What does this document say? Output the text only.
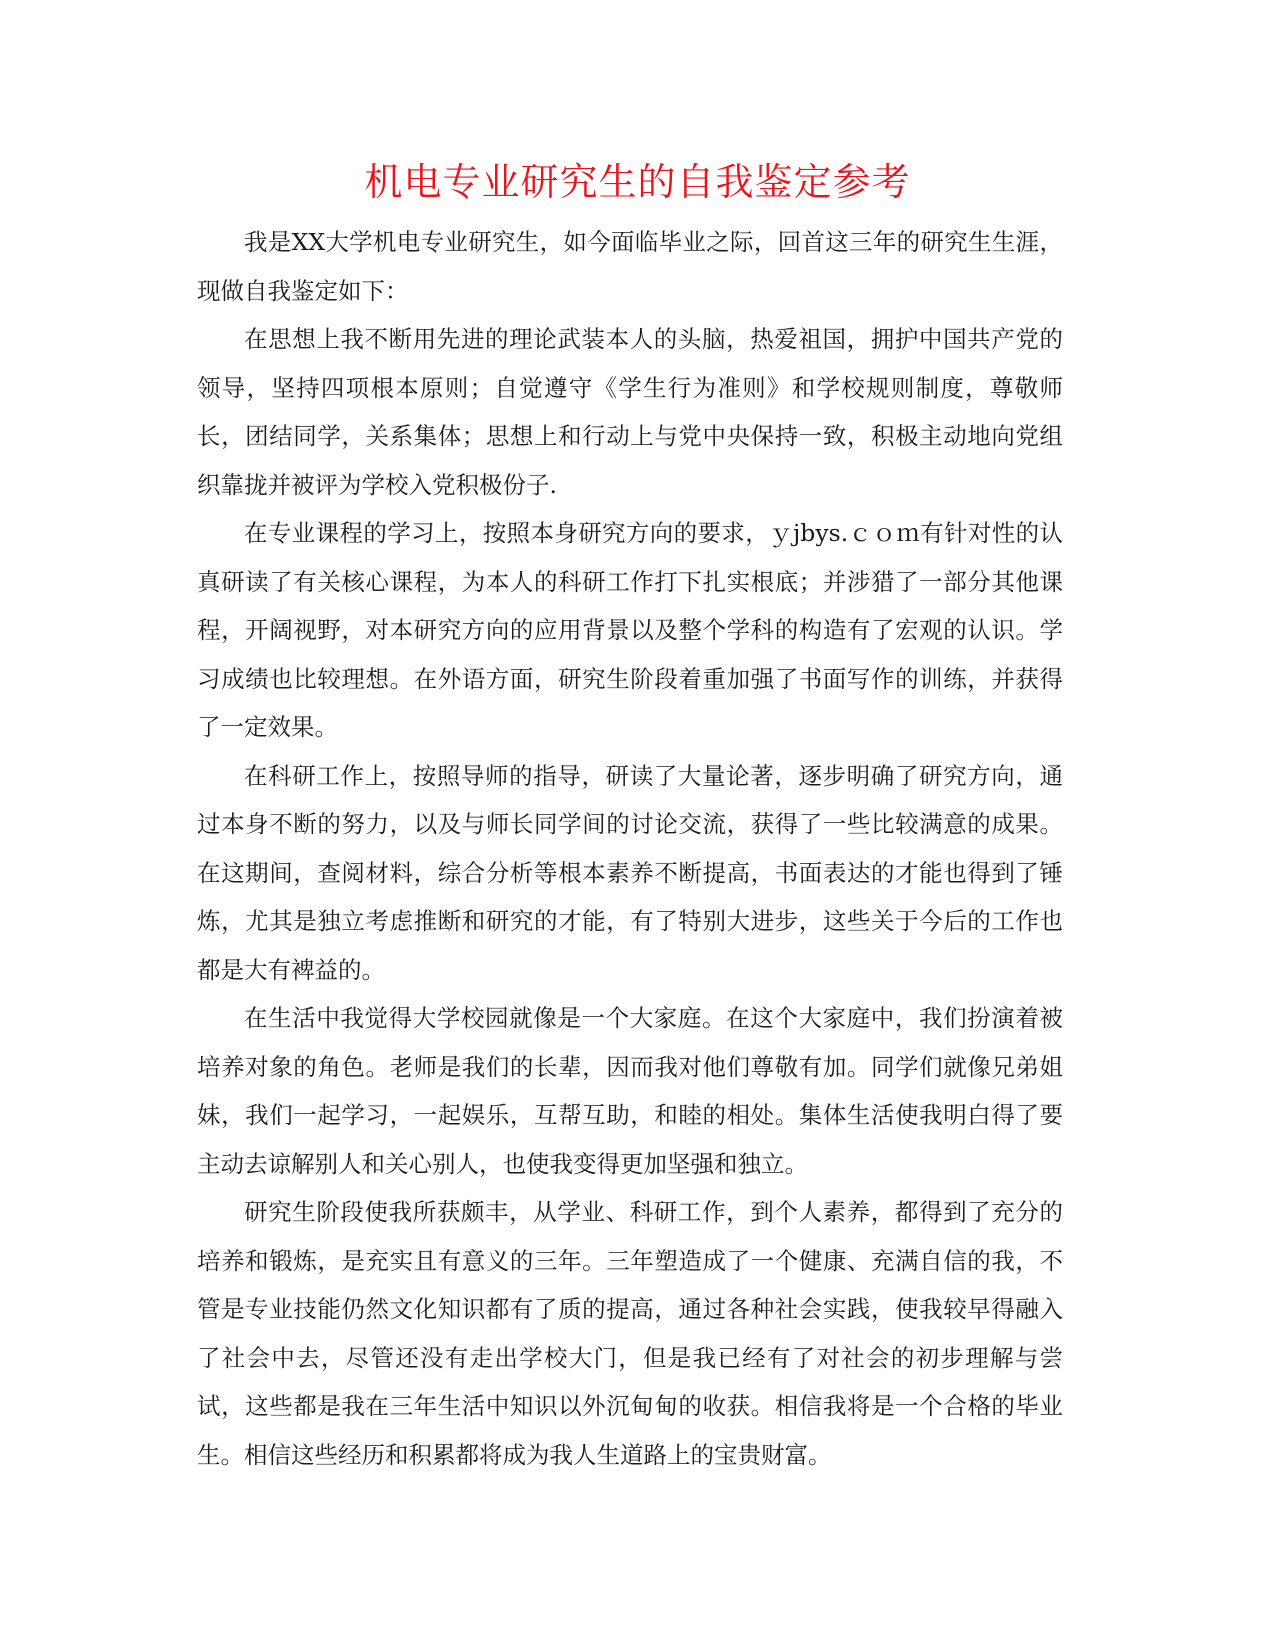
机电专业研究生的自我鉴定参考

我是XX大学机电专业研究生，如今面临毕业之际，回首这三年的研究生生涯，现做自我鉴定如下：

在思想上我不断用先进的理论武装本人的头脑，热爱祖国，拥护中国共产党的领导，坚持四项根本原则；自觉遵守《学生行为准则》和学校规则制度，尊敬师长，团结同学，关系集体；思想上和行动上与党中央保持一致，积极主动地向党组织靠拢并被评为学校入党积极份子.

在专业课程的学习上，按照本身研究方向的要求，ｙjbys.ｃｏｍ有针对性的认真研读了有关核心课程，为本人的科研工作打下扎实根底；并涉猎了一部分其他课程，开阔视野，对本研究方向的应用背景以及整个学科的构造有了宏观的认识。学习成绩也比较理想。在外语方面，研究生阶段着重加强了书面写作的训练，并获得了一定效果。

在科研工作上，按照导师的指导，研读了大量论著，逐步明确了研究方向，通过本身不断的努力，以及与师长同学间的讨论交流，获得了一些比较满意的成果。在这期间，查阅材料，综合分析等根本素养不断提高，书面表达的才能也得到了锤炼，尤其是独立考虑推断和研究的才能，有了特别大进步，这些关于今后的工作也都是大有裨益的。

在生活中我觉得大学校园就像是一个大家庭。在这个大家庭中，我们扮演着被培养对象的角色。老师是我们的长辈，因而我对他们尊敬有加。同学们就像兄弟姐妹，我们一起学习，一起娱乐，互帮互助，和睦的相处。集体生活使我明白得了要主动去谅解别人和关心别人，也使我变得更加坚强和独立。

研究生阶段使我所获颇丰，从学业、科研工作，到个人素养，都得到了充分的培养和锻炼，是充实且有意义的三年。三年塑造成了一个健康、充满自信的我，不管是专业技能仍然文化知识都有了质的提高，通过各种社会实践，使我较早得融入了社会中去，尽管还没有走出学校大门，但是我已经有了对社会的初步理解与尝试，这些都是我在三年生活中知识以外沉甸甸的收获。相信我将是一个合格的毕业生。相信这些经历和积累都将成为我人生道路上的宝贵财富。
